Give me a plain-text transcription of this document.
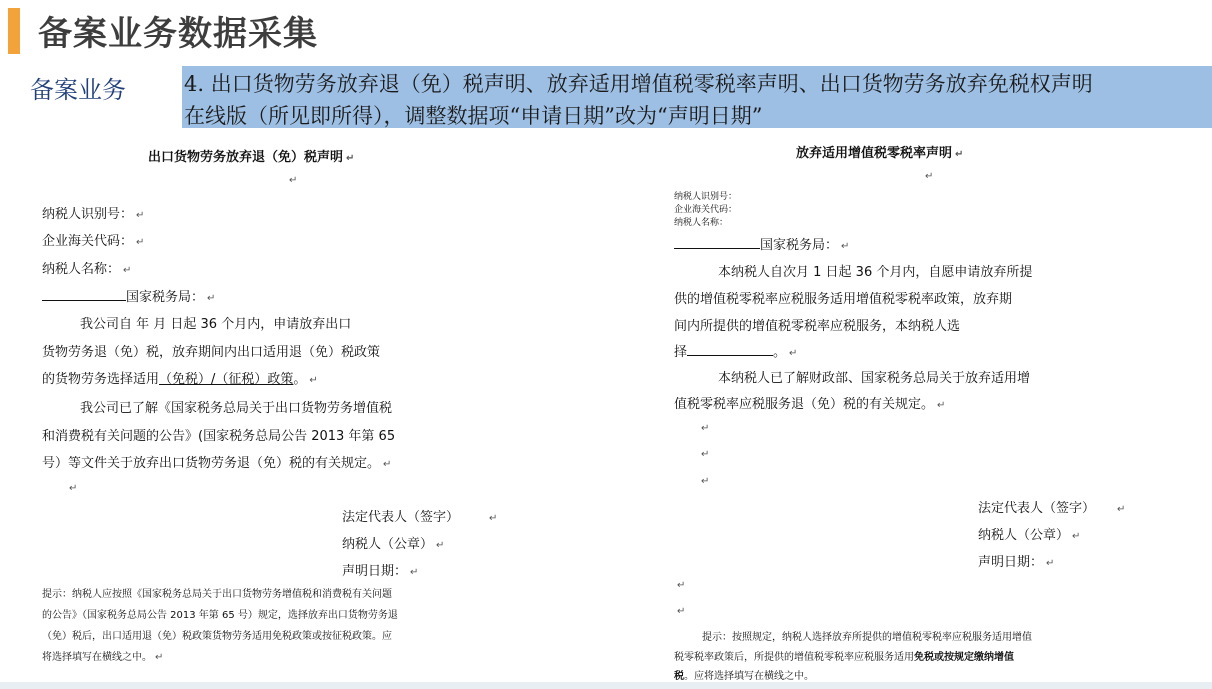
备案业务数据采集
备案业务	4. 出口货物劳务放弃退（免）税声明、放弃适用增值税零税率声明、出口货物劳务放弃免税权声明
在线版（所见即所得），调整数据项“申请日期”改为“声明日期”
出口货物劳务放弃退（免）税声明 ↵
↵
纳税人识别号： ↵
企业海关代码： ↵
纳税人名称： ↵
国家税务局： ↵
我公司自 年 月 日起 36 个月内，申请放弃出口
货物劳务退（免）税，放弃期间内出口适用退（免）税政策
的货物劳务选择适用（免税）/（征税）政策。 ↵
我公司已了解《国家税务总局关于出口货物劳务增值税
和消费税有关问题的公告》(国家税务总局公告 2013 年第 65
号）等文件关于放弃出口货物劳务退（免）税的有关规定。 ↵
↵
法定代表人（签字）	↵
纳税人（公章） ↵
声明日期： ↵
提示：纳税人应按照《国家税务总局关于出口货物劳务增值税和消费税有关问题
的公告》（国家税务总局公告 2013 年第 65 号）规定，选择放弃出口货物劳务退
（免）税后，出口适用退（免）税政策货物劳务适用免税政策或按征税政策。应
将选择填写在横线之中。 ↵
放弃适用增值税零税率声明 ↵
↵
纳税人识别号：
企业海关代码：
纳税人名称：
国家税务局： ↵
本纳税人自次月 1 日起 36 个月内，自愿申请放弃所提
供的增值税零税率应税服务适用增值税零税率政策，放弃期
间内所提供的增值税零税率应税服务，本纳税人选
择	。 ↵
本纳税人已了解财政部、国家税务总局关于放弃适用增
值税零税率应税服务退（免）税的有关规定。 ↵
↵
↵
↵
法定代表人（签字） ↵
纳税人（公章） ↵
声明日期： ↵
↵
↵
提示：按照规定，纳税人选择放弃所提供的增值税零税率应税服务适用增值
税零税率政策后，所提供的增值税零税率应税服务适用免税或按规定缴纳增值
税。应将选择填写在横线之中。
